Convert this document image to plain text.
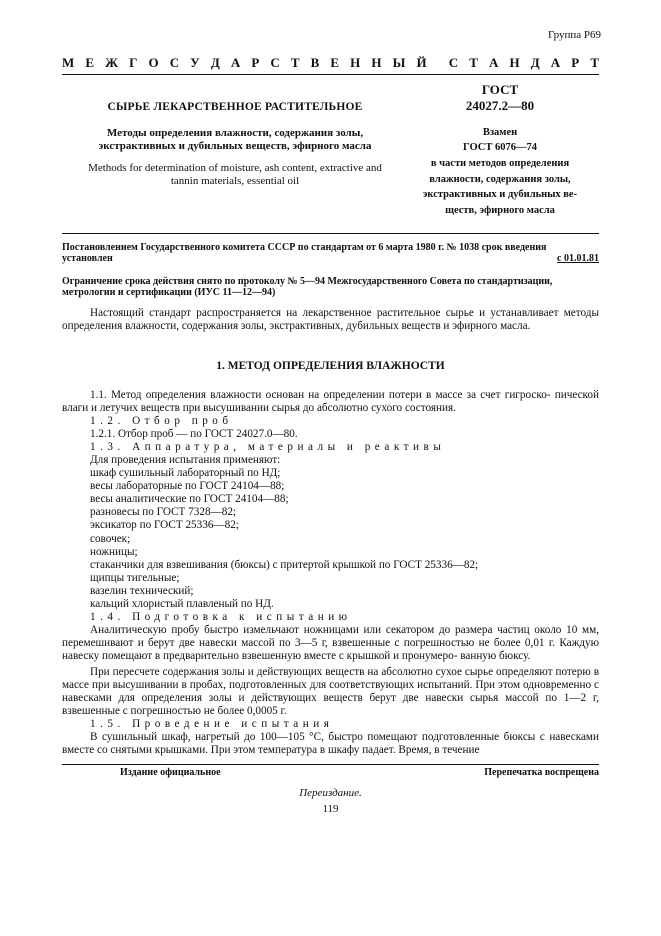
Группа Р69
М Е Ж Г О С У Д А Р С Т В Е Н Н Ы Й С Т А Н Д А Р Т
СЫРЬЕ ЛЕКАРСТВЕННОЕ РАСТИТЕЛЬНОЕ
Методы определения влажности, содержания золы, экстрактивных и дубильных веществ, эфирного масла
Methods for determination of moisture, ash content, extractive and tannin materials, essential oil
ГОСТ
24027.2—80
Взамен
ГОСТ 6076—74
в части методов определения влажности, содержания золы, экстрактивных и дубильных ве- ществ, эфирного масла
Постановлением Государственного комитета СССР по стандартам от 6 марта 1980 г. № 1038 срок введения установлен	с 01.01.81
Ограничение срока действия снято по протоколу № 5—94 Межгосударственного Совета по стандартизации, метрологии и сертификации (ИУС 11—12—94)
Настоящий стандарт распространяется на лекарственное растительное сырье и устанавливает методы определения влажности, содержания золы, экстрактивных, дубильных веществ и эфирного масла.
1. МЕТОД ОПРЕДЕЛЕНИЯ ВЛАЖНОСТИ

1.1. Метод определения влажности основан на определении потери в массе за счет гигроско- пической влаги и летучих веществ при высушивании сырья до абсолютно сухого состояния.

1.2. Отбор проб

1.2.1. Отбор проб — по ГОСТ 24027.0—80.

1.3. Аппаратура, материалы и реактивы

Для проведения испытания применяют:

шкаф сушильный лабораторный по НД;

весы лабораторные по ГОСТ 24104—88;

весы аналитические по ГОСТ 24104—88;

разновесы по ГОСТ 7328—82;

эксикатор по ГОСТ 25336—82;

совочек;

ножницы;

стаканчики для взвешивания (бюксы) с притертой крышкой по ГОСТ 25336—82;

щипцы тигельные;

вазелин технический;

кальций хлористый плавленый по НД.

1.4. Подготовка к испытанию

Аналитическую пробу быстро измельчают ножницами или секатором до размера частиц около 10 мм, перемешивают и берут две навески массой по 3—5 г, взвешенные с погрешностью не более 0,01 г. Каждую навеску помещают в предварительно взвешенную вместе с крышкой и пронумеро- ванную бюксу.

При пересчете содержания золы и действующих веществ на абсолютно сухое сырье определяют потерю в массе при высушивании в пробах, подготовленных для соответствующих испытаний. При этом одновременно с навесками для определения золы и действующих веществ берут две навески сырья массой по 1—2 г, взвешенные с погрешностью не более 0,0005 г.

1.5. Проведение испытания

В сушильный шкаф, нагретый до 100—105 °С, быстро помещают подготовленные бюксы с навесками вместе со снятыми крышками. При этом температура в шкафу падает. Время, в течение

Издание официальное	Перепечатка воспрещена
Переиздание.
119
